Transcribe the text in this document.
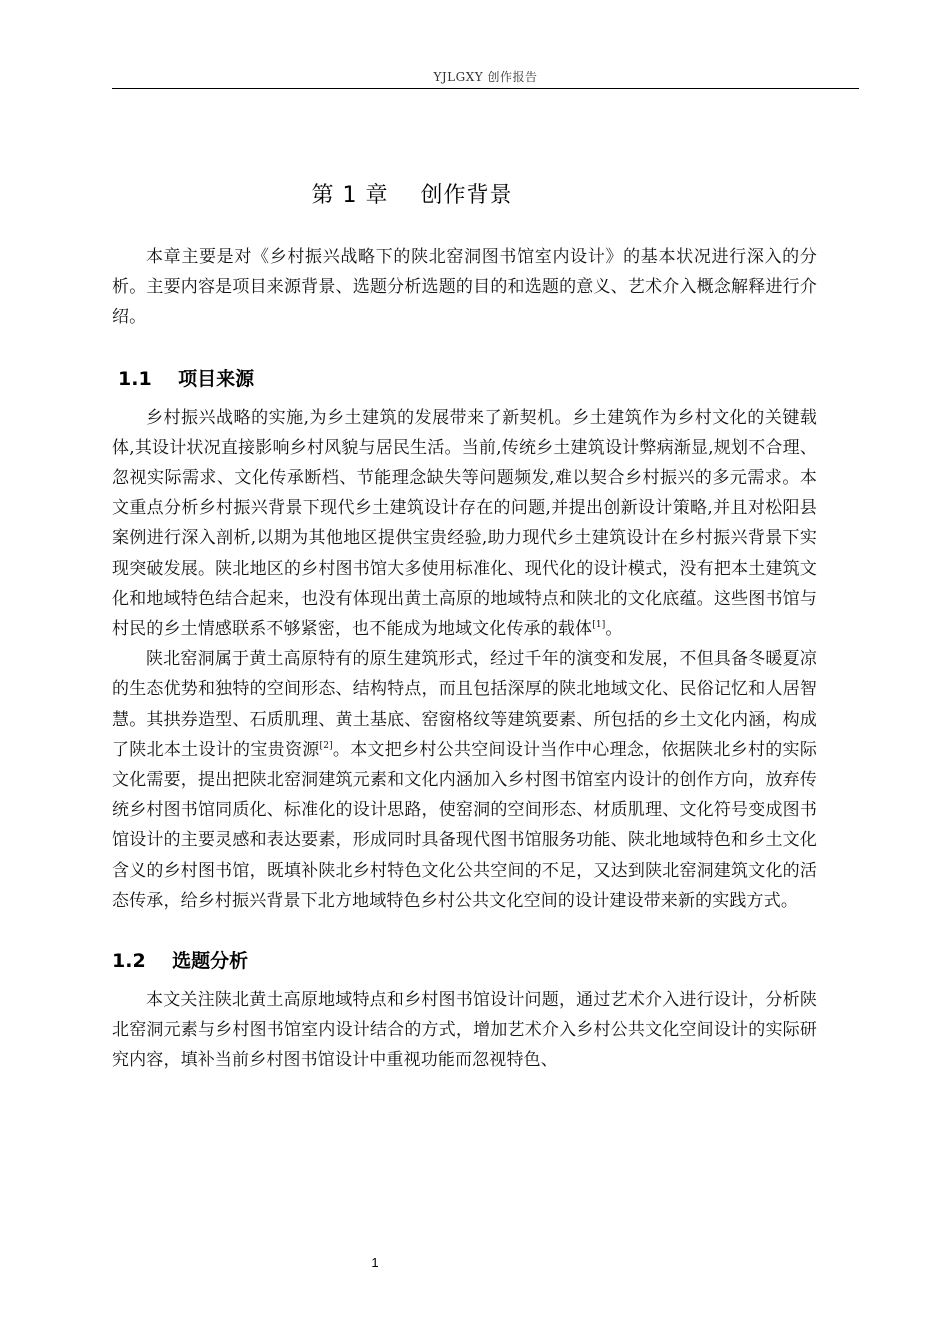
YJLGXY 创作报告
第 1 章    创作背景

本章主要是对《乡村振兴战略下的陕北窑洞图书馆室内设计》的基本状况进行深入的分析。主要内容是项目来源背景、选题分析选题的目的和选题的意义、艺术介入概念解释进行介绍。

1.1    项目来源

乡村振兴战略的实施,为乡土建筑的发展带来了新契机。乡土建筑作为乡村文化的关键载体,其设计状况直接影响乡村风貌与居民生活。当前,传统乡土建筑设计弊病渐显,规划不合理、忽视实际需求、文化传承断档、节能理念缺失等问题频发,难以契合乡村振兴的多元需求。本文重点分析乡村振兴背景下现代乡土建筑设计存在的问题,并提出创新设计策略,并且对松阳县案例进行深入剖析,以期为其他地区提供宝贵经验,助力现代乡土建筑设计在乡村振兴背景下实现突破发展。陕北地区的乡村图书馆大多使用标准化、现代化的设计模式，没有把本土建筑文化和地域特色结合起来，也没有体现出黄土高原的地域特点和陕北的文化底蕴。这些图书馆与村民的乡土情感联系不够紧密，也不能成为地域文化传承的载体[1]。

陕北窑洞属于黄土高原特有的原生建筑形式，经过千年的演变和发展，不但具备冬暖夏凉的生态优势和独特的空间形态、结构特点，而且包括深厚的陕北地域文化、民俗记忆和人居智慧。其拱券造型、石质肌理、黄土基底、窑窗格纹等建筑要素、所包括的乡土文化内涵，构成了陕北本土设计的宝贵资源[2]。本文把乡村公共空间设计当作中心理念，依据陕北乡村的实际文化需要，提出把陕北窑洞建筑元素和文化内涵加入乡村图书馆室内设计的创作方向，放弃传统乡村图书馆同质化、标准化的设计思路，使窑洞的空间形态、材质肌理、文化符号变成图书馆设计的主要灵感和表达要素，形成同时具备现代图书馆服务功能、陕北地域特色和乡土文化含义的乡村图书馆，既填补陕北乡村特色文化公共空间的不足，又达到陕北窑洞建筑文化的活态传承，给乡村振兴背景下北方地域特色乡村公共文化空间的设计建设带来新的实践方式。

1.2    选题分析

本文关注陕北黄土高原地域特点和乡村图书馆设计问题，通过艺术介入进行设计，分析陕北窑洞元素与乡村图书馆室内设计结合的方式，增加艺术介入乡村公共文化空间设计的实际研究内容，填补当前乡村图书馆设计中重视功能而忽视特色、

1
